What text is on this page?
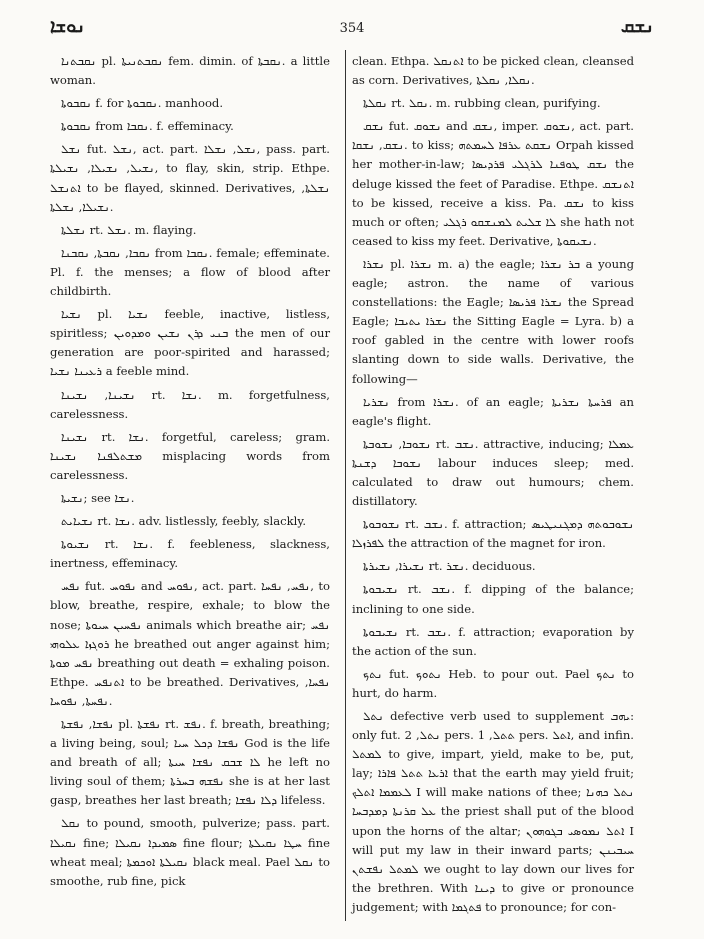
ܢܘܫܐ	354	ܢܫܩ

ܢܩܒܬܢܐ pl. ܢܩܒܬܢܝܬܐ fem. dimin. of ܢܩܒܬܐ. a little woman.

ܢܩܒܘܬܐ f. for ܢܩܒܘܬܐ. manhood.

ܢܩܒܘܬܐ from ܢܩܒܐ. f. effeminacy.

ܢܫܠ fut. ܢܫܠ, act. part. ܢܫܠ, ܢܫܠܐ, pass. part. ܢܫܝܠ, ܢܫܝܠܐ, ܢܫܝܠܬܐ, to flay, skin, strip. Ethpe. ܐܬܢܫܠ to be flayed, skinned. Derivatives, ܢܫܠܬܐ, ܢܫܝܠܐ, ܢܫܠܬܐ.

ܢܫܠܬܐ rt. ܢܫܠ. m. flaying.

ܢܩܒܐ, ܢܩܒܬܐ, ܢܩܒܢܐ from ܢܩܒܐ. female; effeminate. Pl. f. the menses; a flow of blood after childbirth.

ܢܫܝܐ pl. ܢܫܝܐ feeble, inactive, listless, spiritless; ܒܢܝ ܕܪܢ ܢܫܝܢ ܘܡܕܘܝܢ the men of our generation are poor-spirited and harassed; ܪܥܝܢܐ ܢܫܝܐ a feeble mind.

ܢܫܝܢܐ, ܢܫܝܢܐ rt. ܢܫܐ. m. forgetfulness, carelessness.

ܢܫܝܢܐ rt. ܢܫܐ. forgetful, careless; gram. ܡܫܬܠܦܢܐ ܢܫܝܢܐ misplacing words from carelessness.

ܢܫܝܬܐ; see ܢܫܐ.

ܢܫܝܐܝܬ rt. ܢܫܐ. adv. listlessly, feebly, slackly.

ܢܫܝܘܬܐ rt. ܢܫܐ. f. feebleness, slackness, inertness, effeminacy.

ܢܦܚ fut. ܢܦܘܚ and ܢܦܘܚ, act. part. ܢܦܚ, ܢܦܚܐ, to blow, breathe, respire, exhale; to blow the nose; ܢܦܚܝܢ ܚܝܘܬܐ animals which breathe air; ܢܦܚ ܪܘܓܙܐ ܥܠܘܗܝ he breathed out anger against him; ܢܦܚ ܡܘܬܐ breathing out death = exhaling poison. Ethpe. ܐܬܢܦܚ to be breathed. Derivatives, ܢܦܚܐ, ܢܦܚܬܐ, ܢܦܘܚܐ.

ܢܦܫܐ, ܢܦܫܬܐ pl. ܢܦܫܬܐ rt. ܢܦܫ. f. breath, breathing; a living being, soul; ܢܦܫܐ ܕܟܠ ܚܝܐ God is the life and breath of all; ܠܐ ܫܒܩ ܢܦܫܐ ܚܝܬܐ he left no living soul of them; ܢܦܫܗ ܒܚܪܬܐ she is at her last gasp, breathes her last breath; ܕܠܐ ܢܦܫܐ lifeless.

ܢܩܠ to pound, smooth, pulverize; pass. part. ܢܩܝܠܐ fine; ܣܡܝܕܐ ܢܩܝܠܐ fine flour; ܚܛܐ ܢܩܝܠܬܐ fine wheat meal; ܢܩܝܠܬܐ ܐܘܟܡܬܐ black meal. Pael ܢܩܠ to smoothe, rub fine, pick

clean. Ethpa. ܐܬܢܩܠ to be picked clean, cleansed as corn. Derivatives, ܢܩܠܐ, ܢܩܠܬܐ.

ܢܩܠܬܐ rt. ܢܩܠ. m. rubbing clean, purifying.

ܢܫܩ fut. ܢܫܘܩ and ܢܫܩ, imper. ܢܫܘܩ, act. part. ܢܫܩ, ܢܫܩܐ. to kiss; ܢܫܩܬ ܥܪܦܐ ܠܚܡܬܗ Orpah kissed her mother-in-law; ܢܫܩ ܛܘܦܢܐ ܠܪܓܠܝ ܦܪܕܝܣܐ the deluge kissed the feet of Paradise. Ethpe. ܐܬܢܫܩ to be kissed, receive a kiss. Pa. ܢܫܩ to kiss much or often; ܠܐ ܫܠܝܬ ܠܡܢܫܩܘ ܪܓܠܝ she hath not ceased to kiss my feet. Derivative, ܢܫܝܩܘܬܐ.

ܢܫܪܐ pl. ܢܫܪܐ m. a) the eagle; ܒܪ ܢܫܪܐ a young eagle; astron. the name of various constellations: the Eagle; ܢܫܪܐ ܦܪܝܣܐ the Spread Eagle; ܢܫܪܐ ܝܬܝܒܐ the Sitting Eagle = Lyra. b) a roof gabled in the centre with lower roofs slanting down to side walls. Derivative, the following—

ܢܫܪܝܐ from ܢܫܪܐ. of an eagle; ܦܪܚܬܐ ܢܫܪܝܬܐ an eagle's flight.

ܢܫܘܒܐ, ܢܫܘܒܬܐ rt. ܢܫܒ. attractive, inducing; ܥܡܠܐ ܢܫܘܒܐ ܕܫܢܬܐ labour induces sleep; med. calculated to draw out humours; chem. distillatory.

ܢܫܘܒܘܬܐ rt. ܢܫܒ. f. attraction; ܢܫܘܒܘܬܗ ܕܡܓܢܝܛܝܣ ܠܦܪܙܠܐ the attraction of the magnet for iron.

ܢܫܝܪܐ, ܢܫܝܪܬܐ rt. ܢܫܪ. deciduous.

ܢܫܝܒܘܬܐ rt. ܢܫܒ. f. dipping of the balance; inclining to one side.

ܢܫܝܒܘܬܐ rt. ܢܫܒ. f. attraction; evaporation by the action of the sun.

ܢܬܟ fut. ܢܬܘܟ Heb. to pour out. Pael ܢܬܟ to hurt, do harm.

ܢܬܠ defective verb used to supplement ܝܗܒ: only fut. ܢܬܠ, 2 pers. ܬܬܠ, 1 pers. ܐܬܠ, and infin. ܠܡܬܠ to give, impart, yield, make to be, put, lay; ܐܪܥܐ ܬܬܠ ܦܐܪܐ that the earth may yield fruit; ܠܥܡܡܐ ܐܬܠܟ I will make nations of thee; ܢܬܠ ܟܗܢܐ ܥܠ ܩܪܢܬܐ ܕܡܕܒܚܐ the priest shall put of the blood upon the horns of the altar; ܐܬܠ ܢܡܘܣܝ ܒܓܘܗܘܢ I will put my law in their inward parts; ܚܝܒܝܢܢ ܠܡܬܠ ܢܦܫܬܢ we ought to lay down our lives for the brethren. With ܕܝܢܐ to give or pronounce judgement; with ܦܬܓܡܐ to pronounce; for con-
